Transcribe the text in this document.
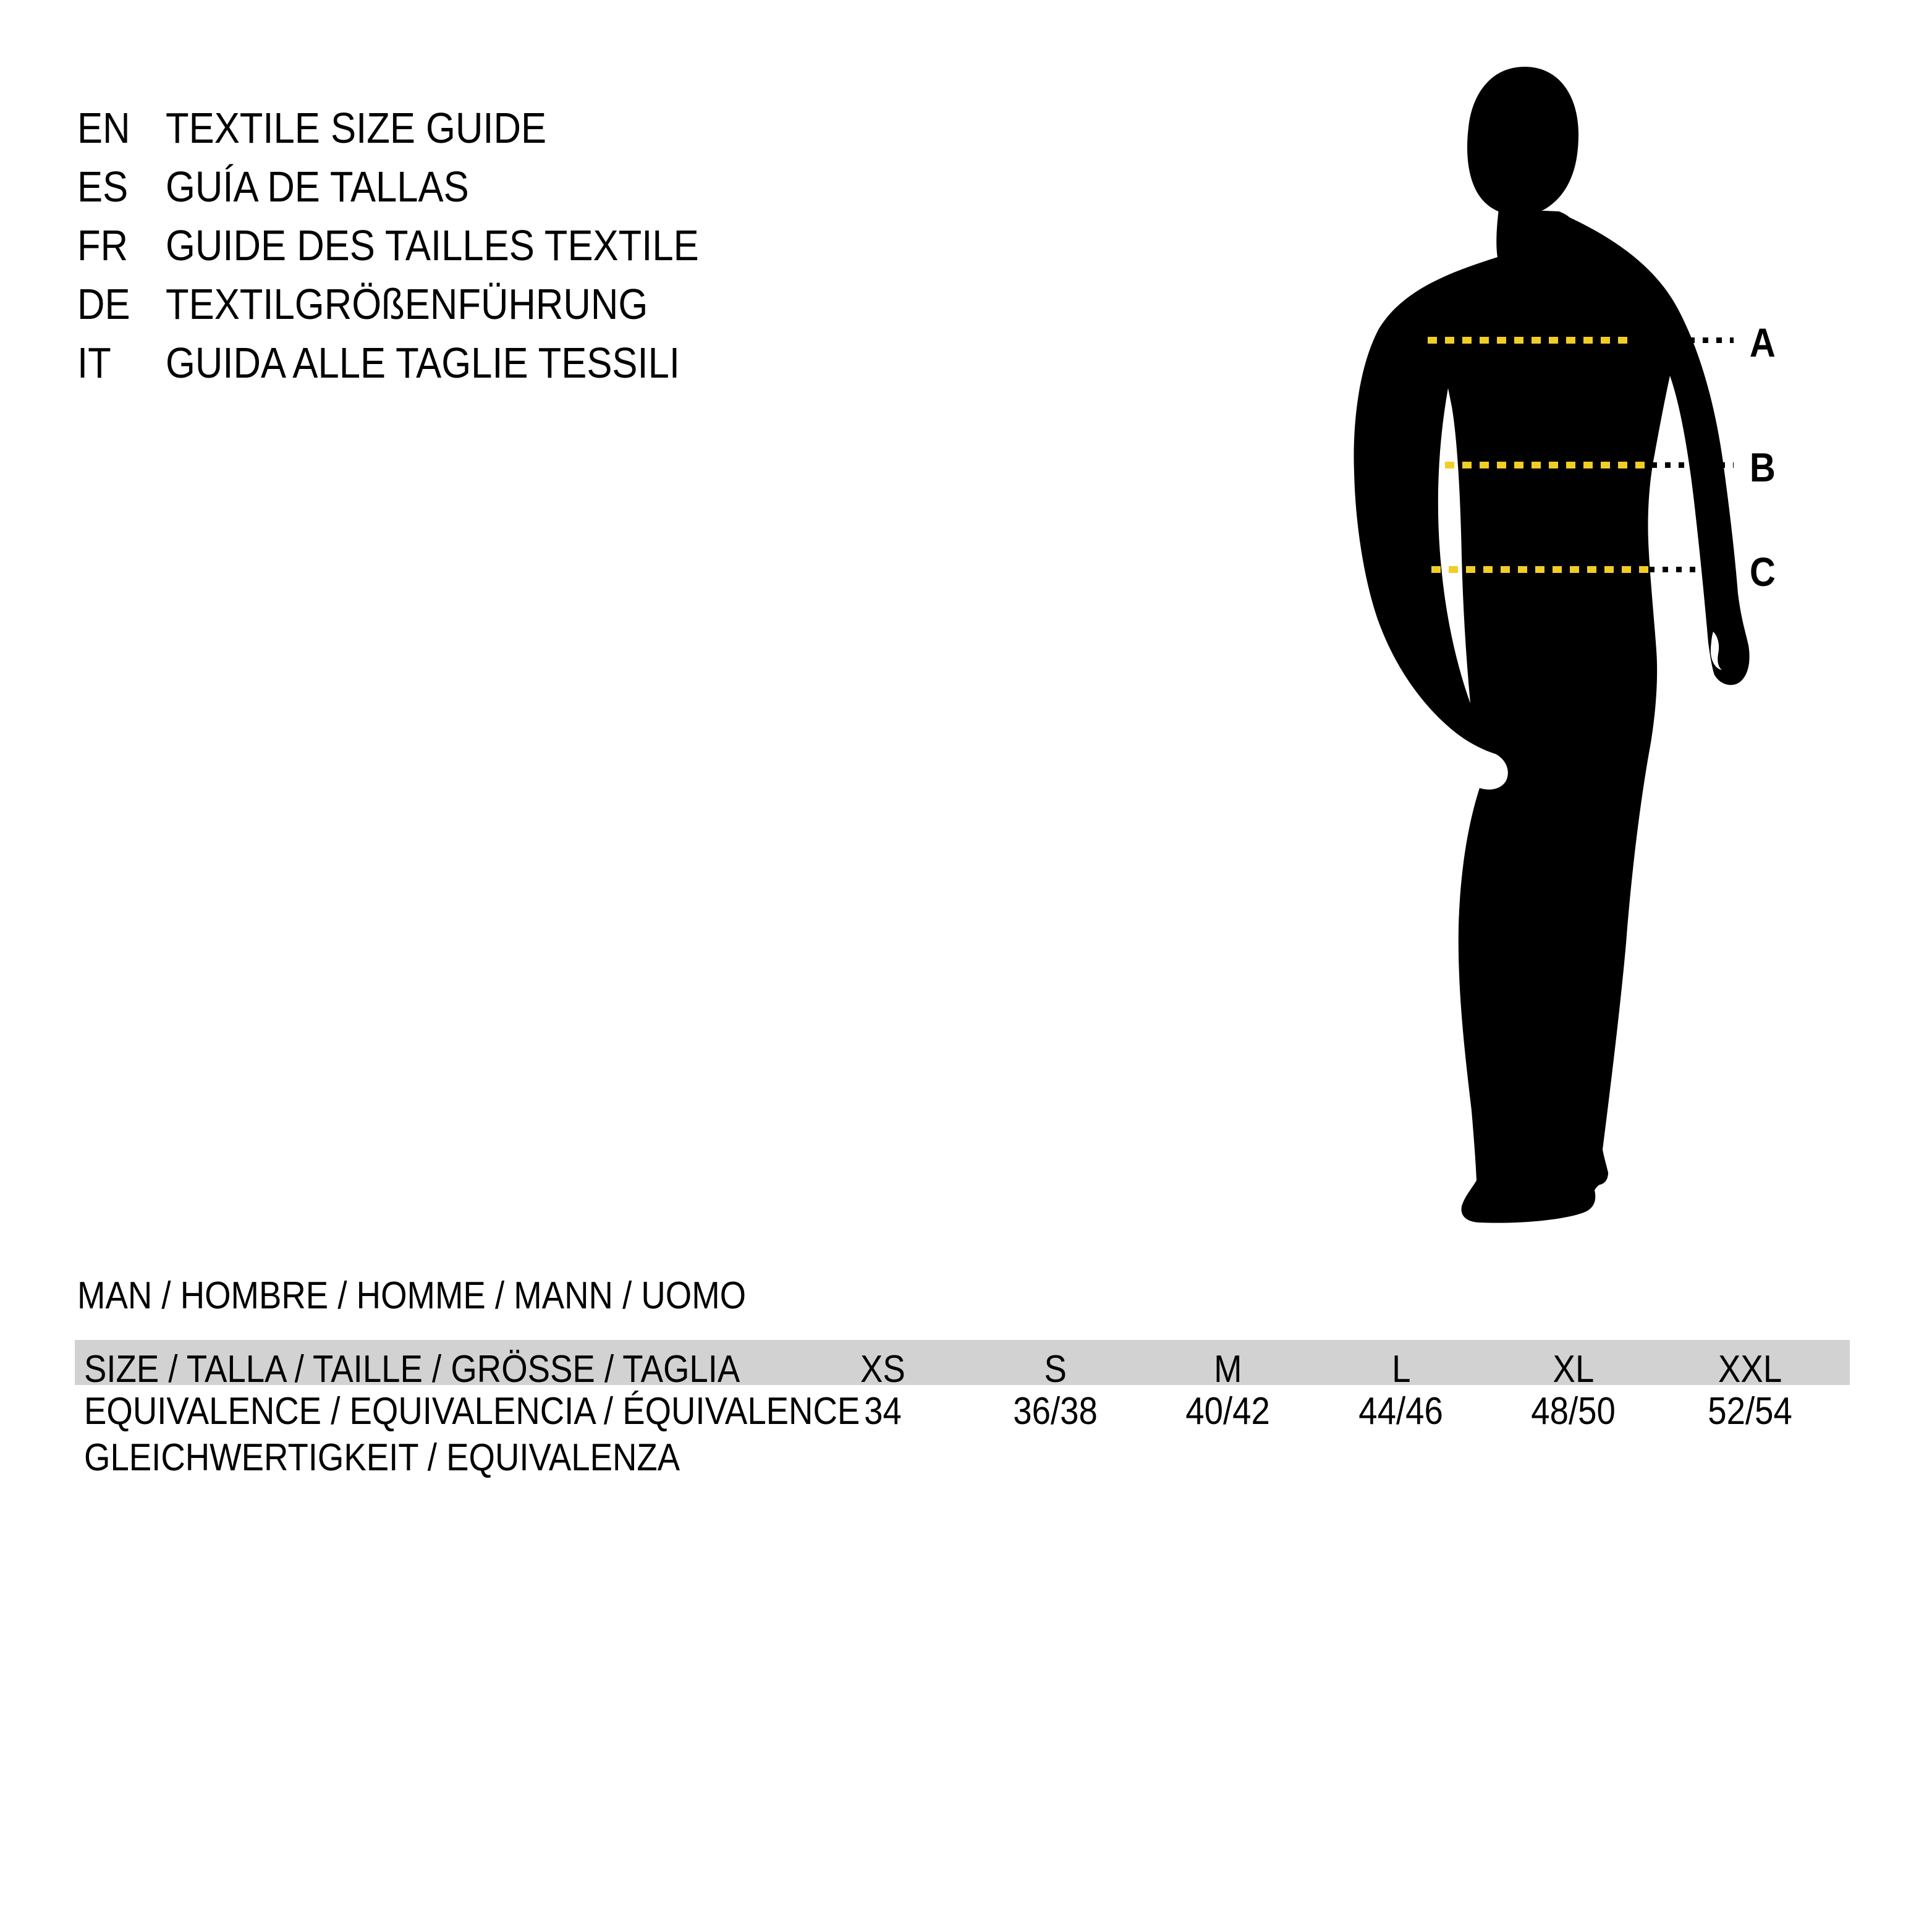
EN TEXTILE SIZE GUIDE
ES GUÍA DE TALLAS
FR GUIDE DES TAILLES TEXTILE
DE TEXTILGRÖßENFÜHRUNG
IT GUIDA ALLE TAGLIE TESSILI	A
B
C
MAN / HOMBRE / HOMME / MANN / UOMO
SIZE / TALLA / TAILLE / GRÖSSE / TAGLIA	XS	S	M	L	XL	XXL
EQUIVALENCE / EQUIVALENCIA / ÉQUIVALENCE 34	36/38	40/42	44/46	48/50	52/54
GLEICHWERTIGKEIT / EQUIVALENZA
